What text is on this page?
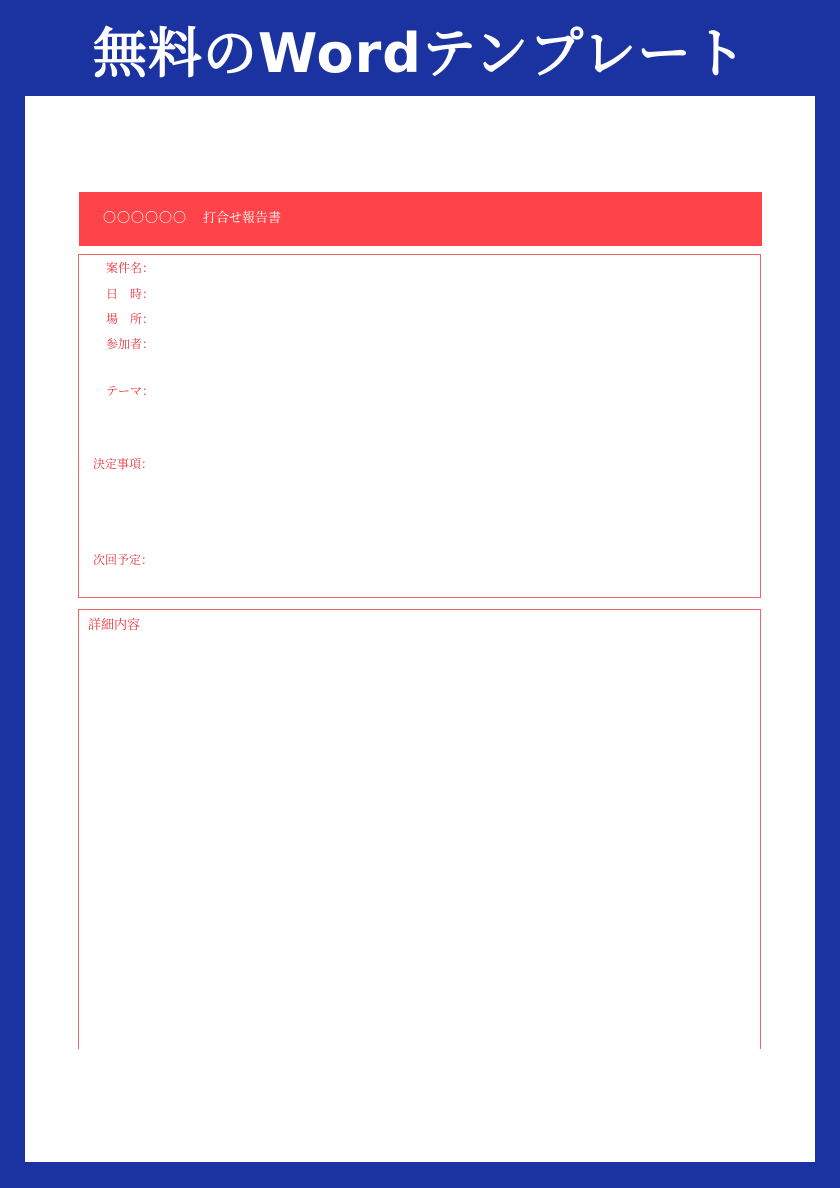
無料のWordテンプレート
〇〇〇〇〇〇 打合せ報告書
案件名：
日　時：
場　所：
参加者：
テーマ：
決定事項：
次回予定：
詳細内容
